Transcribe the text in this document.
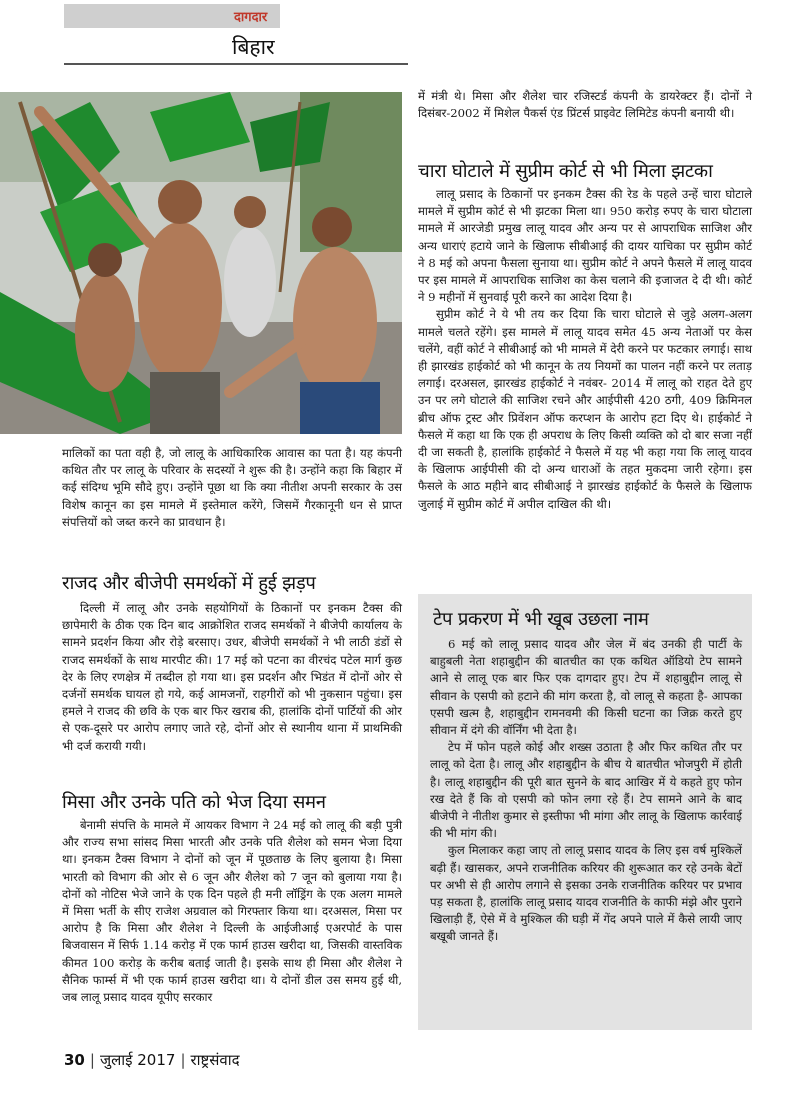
दागदार
बिहार

मालिकों का पता वही है, जो लालू के आधिकारिक आवास का पता है। यह कंपनी कथित तौर पर लालू के परिवार के सदस्यों ने शुरू की है। उन्होंने कहा कि बिहार में कई संदिग्ध भूमि सौदे हुए। उन्होंने पूछा था कि क्या नीतीश अपनी सरकार के उस विशेष कानून का इस मामले में इस्तेमाल करेंगे, जिसमें गैरकानूनी धन से प्राप्त संपत्तियों को जब्त करने का प्रावधान है।

राजद और बीजेपी समर्थकों में हुई झड़प

दिल्ली में लालू और उनके सहयोगियों के ठिकानों पर इनकम टैक्स की छापेमारी के ठीक एक दिन बाद आक्रोशित राजद समर्थकों ने बीजेपी कार्यालय के सामने प्रदर्शन किया और रोड़े बरसाए। उधर, बीजेपी समर्थकों ने भी लाठी डंडों से राजद समर्थकों के साथ मारपीट की। 17 मई को पटना का वीरचंद पटेल मार्ग कुछ देर के लिए रणक्षेत्र में तब्दील हो गया था। इस प्रदर्शन और भिडंत में दोनों ओर से दर्जनों समर्थक घायल हो गये, कई आमजनों, राहगीरों को भी नुकसान पहुंचा। इस हमले ने राजद की छवि के एक बार फिर खराब की, हालांकि दोनों पार्टियों की ओर से एक-दूसरे पर आरोप लगाए जाते रहे, दोनों ओर से स्थानीय थाना में प्राथमिकी भी दर्ज करायी गयी।

मिसा और उनके पति को भेज दिया समन

बेनामी संपत्ति के मामले में आयकर विभाग ने 24 मई को लालू की बड़ी पुत्री और राज्य सभा सांसद मिसा भारती और उनके पति शैलेश को समन भेजा दिया था। इनकम टैक्स विभाग ने दोनों को जून में पूछताछ के लिए बुलाया है। मिसा भारती को विभाग की ओर से 6 जून और शैलेश को 7 जून को बुलाया गया है। दोनों को नोटिस भेजे जाने के एक दिन पहले ही मनी लॉड्रिंग के एक अलग मामले में मिसा भर्ती के सीए राजेश अग्रवाल को गिरफ्तार किया था। दरअसल, मिसा पर आरोप है कि मिसा और शैलेश ने दिल्ली के आईजीआई एअरपोर्ट के पास बिजवासन में सिर्फ 1.14 करोड़ में एक फार्म हाउस खरीदा था, जिसकी वास्तविक कीमत 100 करोड़ के करीब बताई जाती है। इसके साथ ही मिसा और शैलेश ने सैनिक फार्म्स में भी एक फार्म हाउस खरीदा था। ये दोनों डील उस समय हुई थी, जब लालू प्रसाद यादव यूपीए सरकार

में मंत्री थे। मिसा और शैलेश चार रजिस्टर्ड कंपनी के डायरेक्टर हैं। दोनों ने दिसंबर-2002 में मिशेल पैकर्स एंड प्रिंटर्स प्राइवेट लिमिटेड कंपनी बनायी थी।

चारा घोटाले में सुप्रीम कोर्ट से भी मिला झटका

लालू प्रसाद के ठिकानों पर इनकम टैक्स की रेड के पहले उन्हें चारा घोटाले मामले में सुप्रीम कोर्ट से भी झटका मिला था। 950 करोड़ रुपए के चारा घोटाला मामले में आरजेडी प्रमुख लालू यादव और अन्य पर से आपराधिक साजिश और अन्य धाराएं हटाये जाने के खिलाफ सीबीआई की दायर याचिका पर सुप्रीम कोर्ट ने 8 मई को अपना फैसला सुनाया था। सुप्रीम कोर्ट ने अपने फैसले में लालू यादव पर इस मामले में आपराधिक साजिश का केस चलाने की इजाजत दे दी थी। कोर्ट ने 9 महीनों में सुनवाई पूरी करने का आदेश दिया है।

सुप्रीम कोर्ट ने ये भी तय कर दिया कि चारा घोटाले से जुड़े अलग-अलग मामले चलते रहेंगे। इस मामले में लालू यादव समेत 45 अन्य नेताओं पर केस चलेंगे, वहीं कोर्ट ने सीबीआई को भी मामले में देरी करने पर फटकार लगाई। साथ ही झारखंड हाईकोर्ट को भी कानून के तय नियमों का पालन नहीं करने पर लताड़ लगाई। दरअसल, झारखंड हाईकोर्ट ने नवंबर- 2014 में लालू को राहत देते हुए उन पर लगे घोटाले की साजिश रचने और आईपीसी 420 ठगी, 409 क्रिमिनल ब्रीच ऑफ ट्रस्ट और प्रिवेंशन ऑफ करप्शन के आरोप हटा दिए थे। हाईकोर्ट ने फैसले में कहा था कि एक ही अपराध के लिए किसी व्यक्ति को दो बार सजा नहीं दी जा सकती है, हालांकि हाईकोर्ट ने फैसले में यह भी कहा गया कि लालू यादव के खिलाफ आईपीसी की दो अन्य धाराओं के तहत मुकदमा जारी रहेगा। इस फैसले के आठ महीने बाद सीबीआई ने झारखंड हाईकोर्ट के फैसले के खिलाफ जुलाई में सुप्रीम कोर्ट में अपील दाखिल की थी।

टेप प्रकरण में भी खूब उछला नाम

6 मई को लालू प्रसाद यादव और जेल में बंद उनकी ही पार्टी के बाहुबली नेता शहाबुद्दीन की बातचीत का एक कथित ऑडियो टेप सामने आने से लालू एक बार फिर एक दागदार हुए। टेप में शहाबुद्दीन लालू से सीवान के एसपी को हटाने की मांग करता है, वो लालू से कहता है- आपका एसपी खत्म है, शहाबुद्दीन रामनवमी की किसी घटना का जिक्र करते हुए सीवान में दंगे की वॉर्निंग भी देता है।

टेप में फोन पहले कोई और शख्स उठाता है और फिर कथित तौर पर लालू को देता है। लालू और शहाबुद्दीन के बीच ये बातचीत भोजपुरी में होती है। लालू शहाबुद्दीन की पूरी बात सुनने के बाद आखिर में ये कहते हुए फोन रख देते हैं कि वो एसपी को फोन लगा रहे हैं। टेप सामने आने के बाद बीजेपी ने नीतीश कुमार से इस्तीफा भी मांगा और लालू के खिलाफ कार्रवाई की भी मांग की।

कुल मिलाकर कहा जाए तो लालू प्रसाद यादव के लिए इस वर्ष मुश्किलें बढ़ी हैं। खासकर, अपने राजनीतिक करियर की शुरूआत कर रहे उनके बेटों पर अभी से ही आरोप लगाने से इसका उनके राजनीतिक करियर पर प्रभाव पड़ सकता है, हालांकि लालू प्रसाद यादव राजनीति के काफी मंझे और पुराने खिलाड़ी हैं, ऐसे में वे मुश्किल की घड़ी में गेंद अपने पाले में कैसे लायी जाए बखूबी जानते हैं।

30 | जुलाई 2017 | राष्ट्रसंवाद
